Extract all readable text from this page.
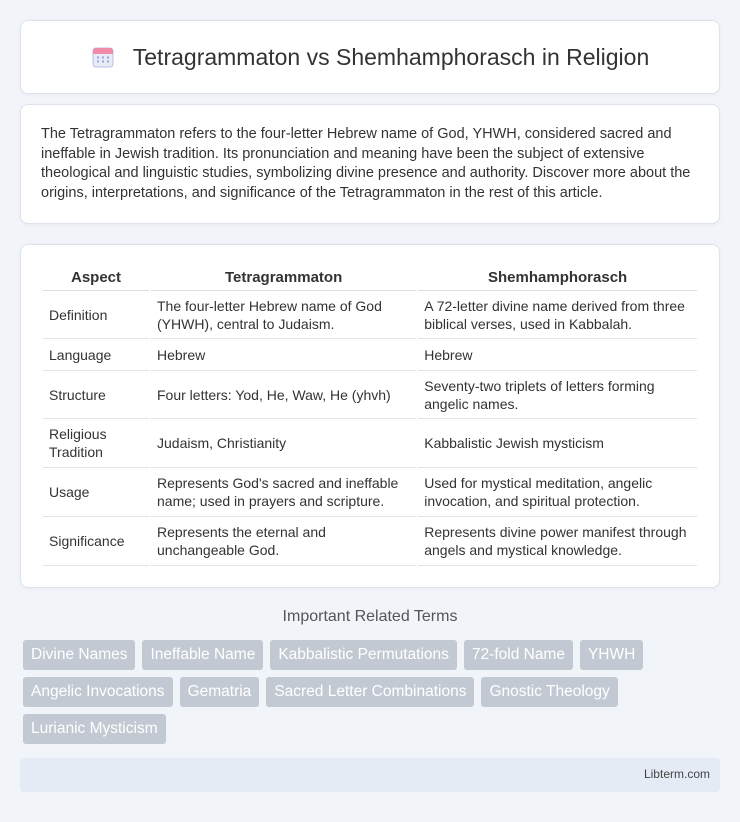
Tetragrammaton vs Shemhamphorasch in Religion

The Tetragrammaton refers to the four-letter Hebrew name of God, YHWH, considered sacred and ineffable in Jewish tradition. Its pronunciation and meaning have been the subject of extensive theological and linguistic studies, symbolizing divine presence and authority. Discover more about the origins, interpretations, and significance of the Tetragrammaton in the rest of this article.

Aspect		Tetragrammaton		Shemhamphorasch
Definition		The four-letter Hebrew name of God (YHWH), central to Judaism.		A 72-letter divine name derived from three biblical verses, used in Kabbalah.
Language		Hebrew		Hebrew
Structure		Four letters: Yod, He, Waw, He (yhvh)		Seventy-two triplets of letters forming angelic names.
Religious Tradition		Judaism, Christianity		Kabbalistic Jewish mysticism
Usage		Represents God's sacred and ineffable name; used in prayers and scripture.		Used for mystical meditation, angelic invocation, and spiritual protection.
Significance		Represents the eternal and unchangeable God.		Represents divine power manifest through angels and mystical knowledge.
Important Related Terms
Divine Names	Ineffable Name	Kabbalistic Permutations	72-fold Name	YHWH
Angelic Invocations	Gematria	Sacred Letter Combinations	Gnostic Theology
Lurianic Mysticism
Libterm.com
